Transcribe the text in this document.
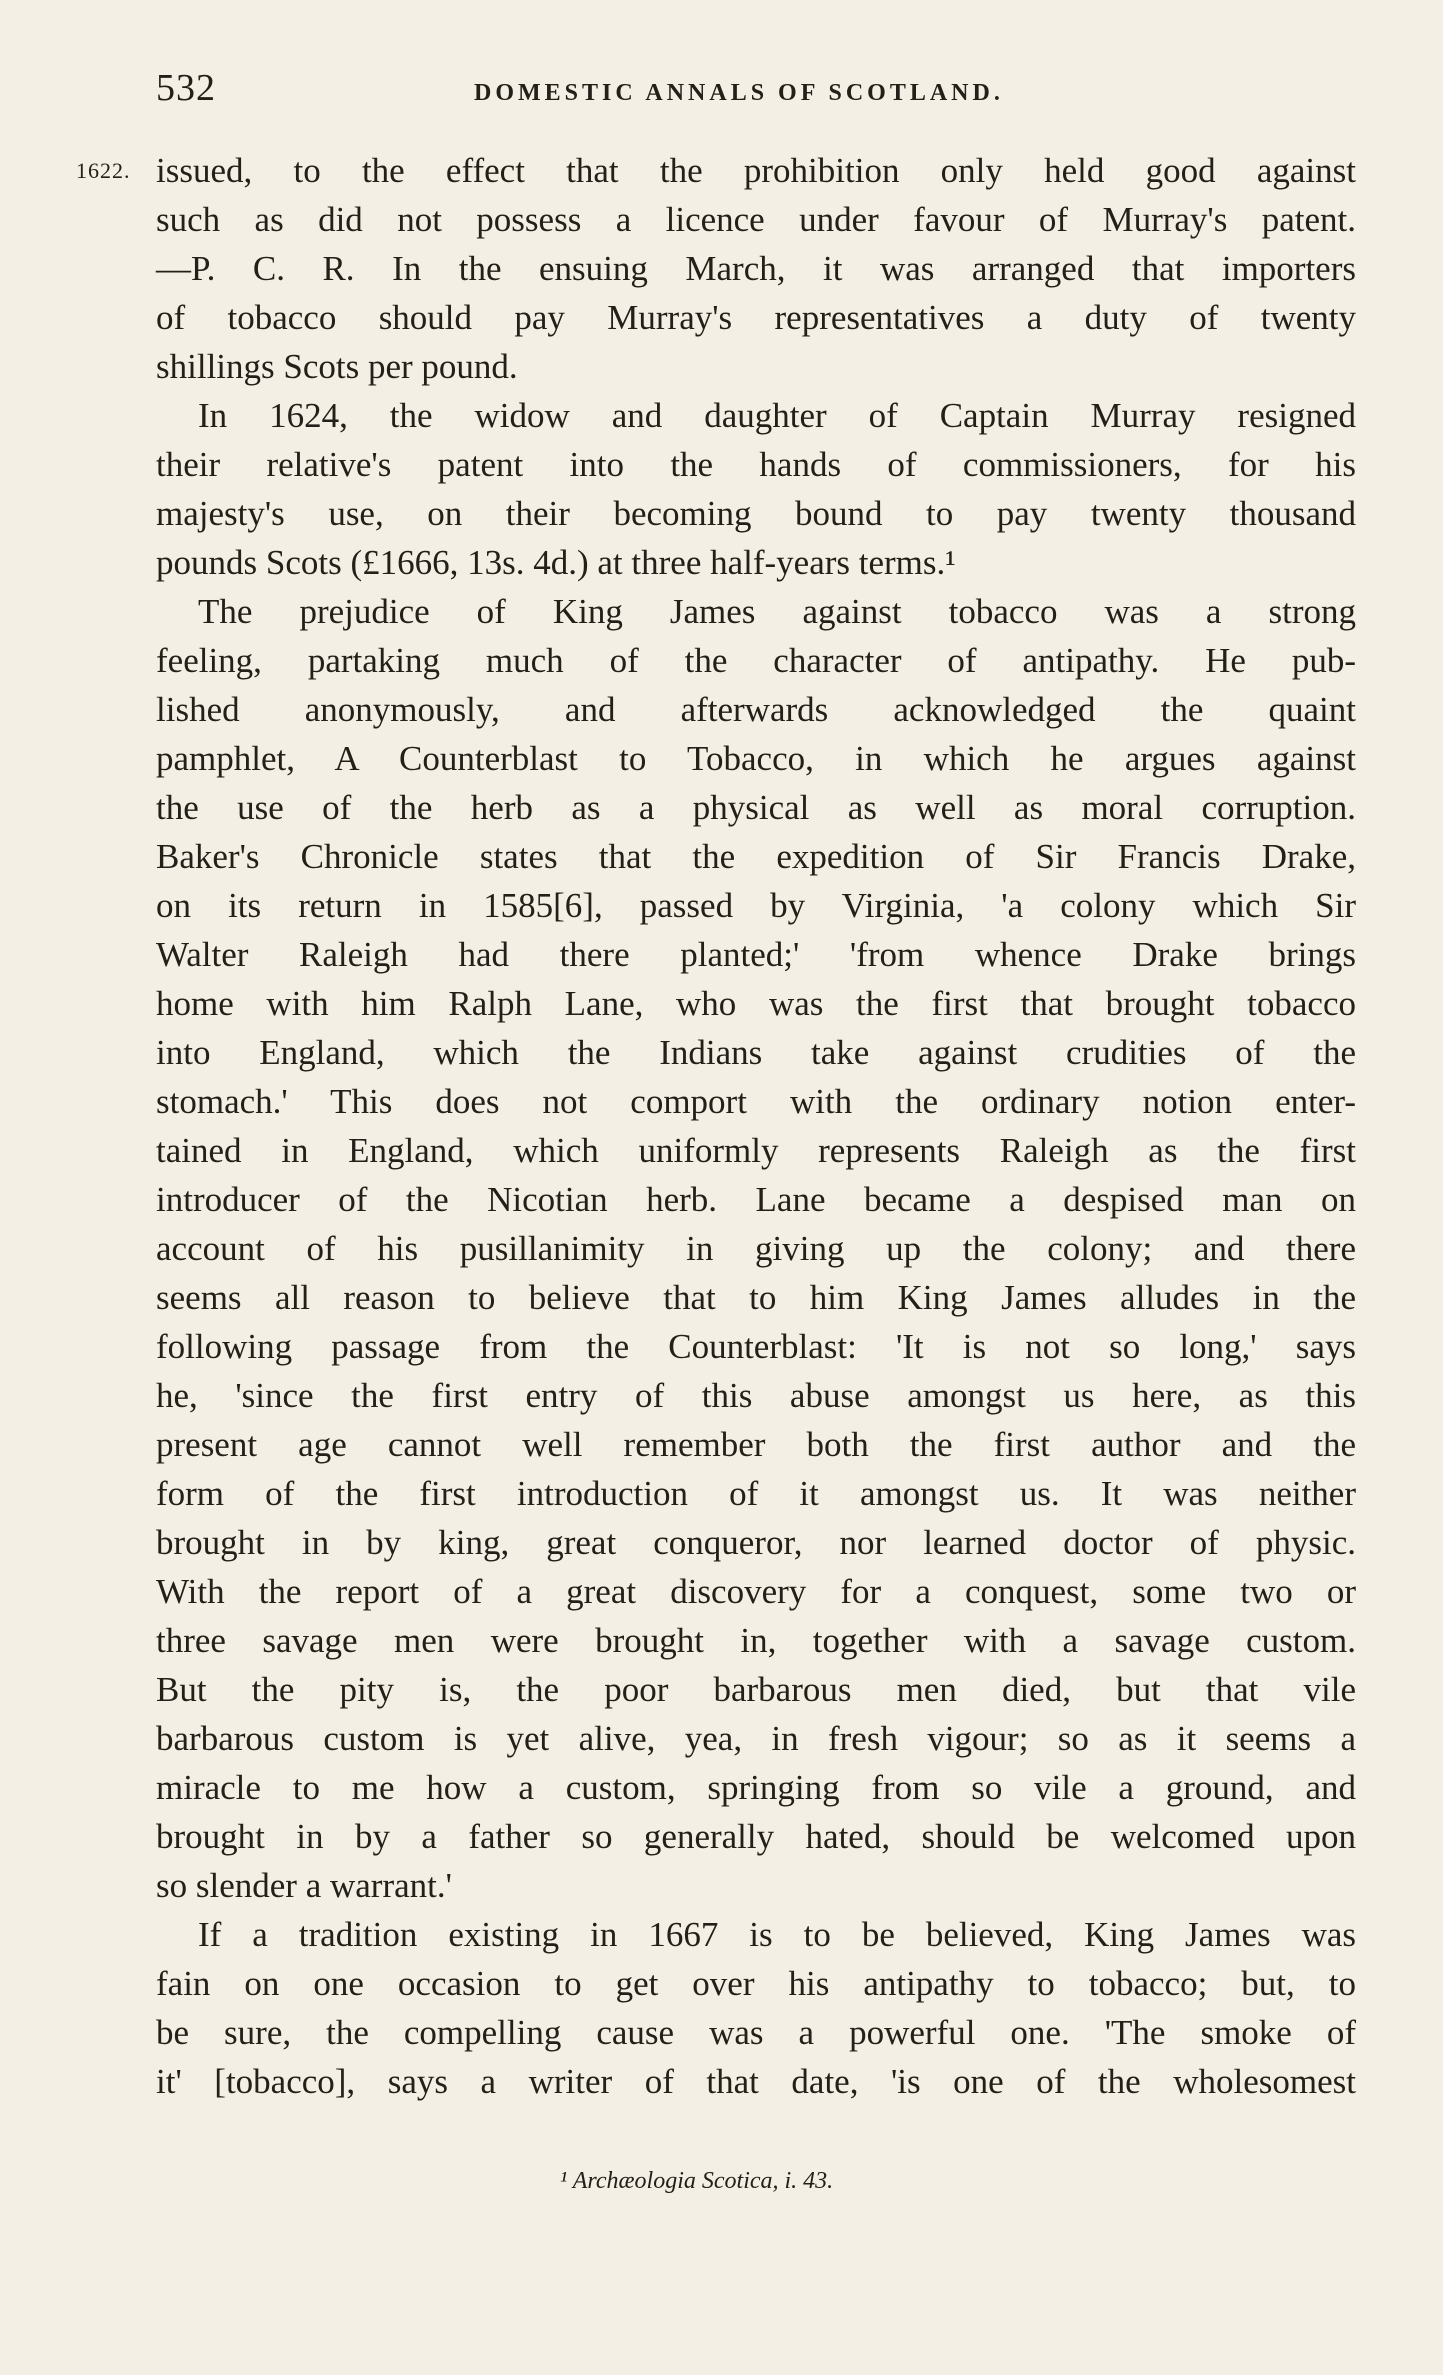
532	DOMESTIC ANNALS OF SCOTLAND.
1622. issued, to the effect that the prohibition only held good against
such as did not possess a licence under favour of Murray's patent.
—P. C. R. In the ensuing March, it was arranged that importers
of tobacco should pay Murray's representatives a duty of twenty
shillings Scots per pound.

In 1624, the widow and daughter of Captain Murray resigned
their relative's patent into the hands of commissioners, for his
majesty's use, on their becoming bound to pay twenty thousand
pounds Scots (£1666, 13s. 4d.) at three half-years terms.¹

The prejudice of King James against tobacco was a strong
feeling, partaking much of the character of antipathy. He pub-
lished anonymously, and afterwards acknowledged the quaint
pamphlet, A Counterblast to Tobacco, in which he argues against
the use of the herb as a physical as well as moral corruption.
Baker's Chronicle states that the expedition of Sir Francis Drake,
on its return in 1585[6], passed by Virginia, 'a colony which Sir
Walter Raleigh had there planted;' 'from whence Drake brings
home with him Ralph Lane, who was the first that brought tobacco
into England, which the Indians take against crudities of the
stomach.' This does not comport with the ordinary notion enter-
tained in England, which uniformly represents Raleigh as the first
introducer of the Nicotian herb. Lane became a despised man on
account of his pusillanimity in giving up the colony; and there
seems all reason to believe that to him King James alludes in the
following passage from the Counterblast: 'It is not so long,' says
he, 'since the first entry of this abuse amongst us here, as this
present age cannot well remember both the first author and the
form of the first introduction of it amongst us. It was neither
brought in by king, great conqueror, nor learned doctor of physic.
With the report of a great discovery for a conquest, some two or
three savage men were brought in, together with a savage custom.
But the pity is, the poor barbarous men died, but that vile
barbarous custom is yet alive, yea, in fresh vigour; so as it seems a
miracle to me how a custom, springing from so vile a ground, and
brought in by a father so generally hated, should be welcomed upon
so slender a warrant.'

If a tradition existing in 1667 is to be believed, King James was
fain on one occasion to get over his antipathy to tobacco; but, to
be sure, the compelling cause was a powerful one. 'The smoke of
it' [tobacco], says a writer of that date, 'is one of the wholesomest

¹ Archæologia Scotica, i. 43.
